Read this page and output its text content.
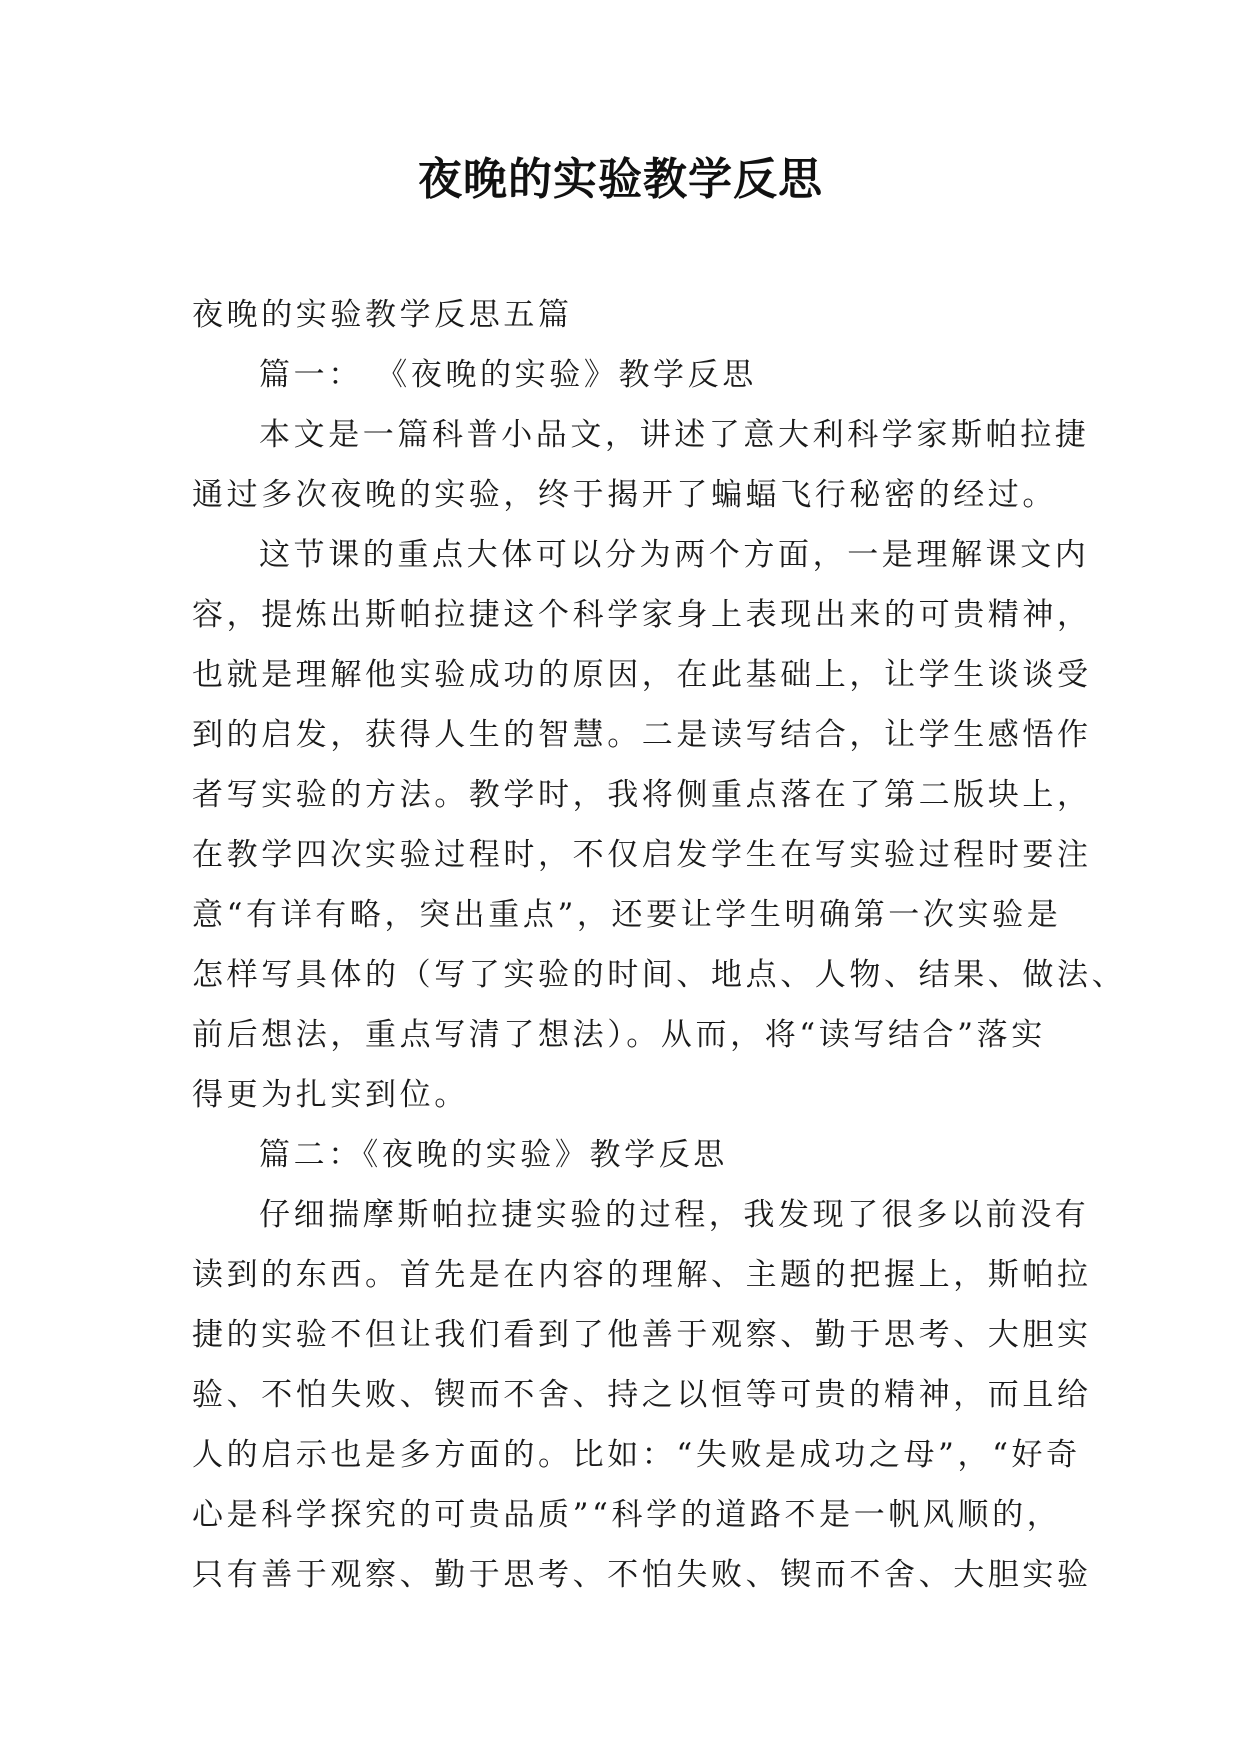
夜晚的实验教学反思
夜晚的实验教学反思五篇
篇一： 《夜晚的实验》教学反思
本文是一篇科普小品文，讲述了意大利科学家斯帕拉捷
通过多次夜晚的实验，终于揭开了蝙蝠飞行秘密的经过。
这节课的重点大体可以分为两个方面，一是理解课文内
容，提炼出斯帕拉捷这个科学家身上表现出来的可贵精神，
也就是理解他实验成功的原因，在此基础上，让学生谈谈受
到的启发，获得人生的智慧。二是读写结合，让学生感悟作
者写实验的方法。教学时，我将侧重点落在了第二版块上，
在教学四次实验过程时，不仅启发学生在写实验过程时要注
意“有详有略，突出重点”，还要让学生明确第一次实验是
怎样写具体的（写了实验的时间、地点、人物、结果、做法、
前后想法，重点写清了想法）。从而，将“读写结合”落实
得更为扎实到位。
篇二：《夜晚的实验》教学反思
仔细揣摩斯帕拉捷实验的过程，我发现了很多以前没有
读到的东西。首先是在内容的理解、主题的把握上，斯帕拉
捷的实验不但让我们看到了他善于观察、勤于思考、大胆实
验、不怕失败、锲而不舍、持之以恒等可贵的精神，而且给
人的启示也是多方面的。比如：“失败是成功之母”，“好奇
心是科学探究的可贵品质”“科学的道路不是一帆风顺的，
只有善于观察、勤于思考、不怕失败、锲而不舍、大胆实验
